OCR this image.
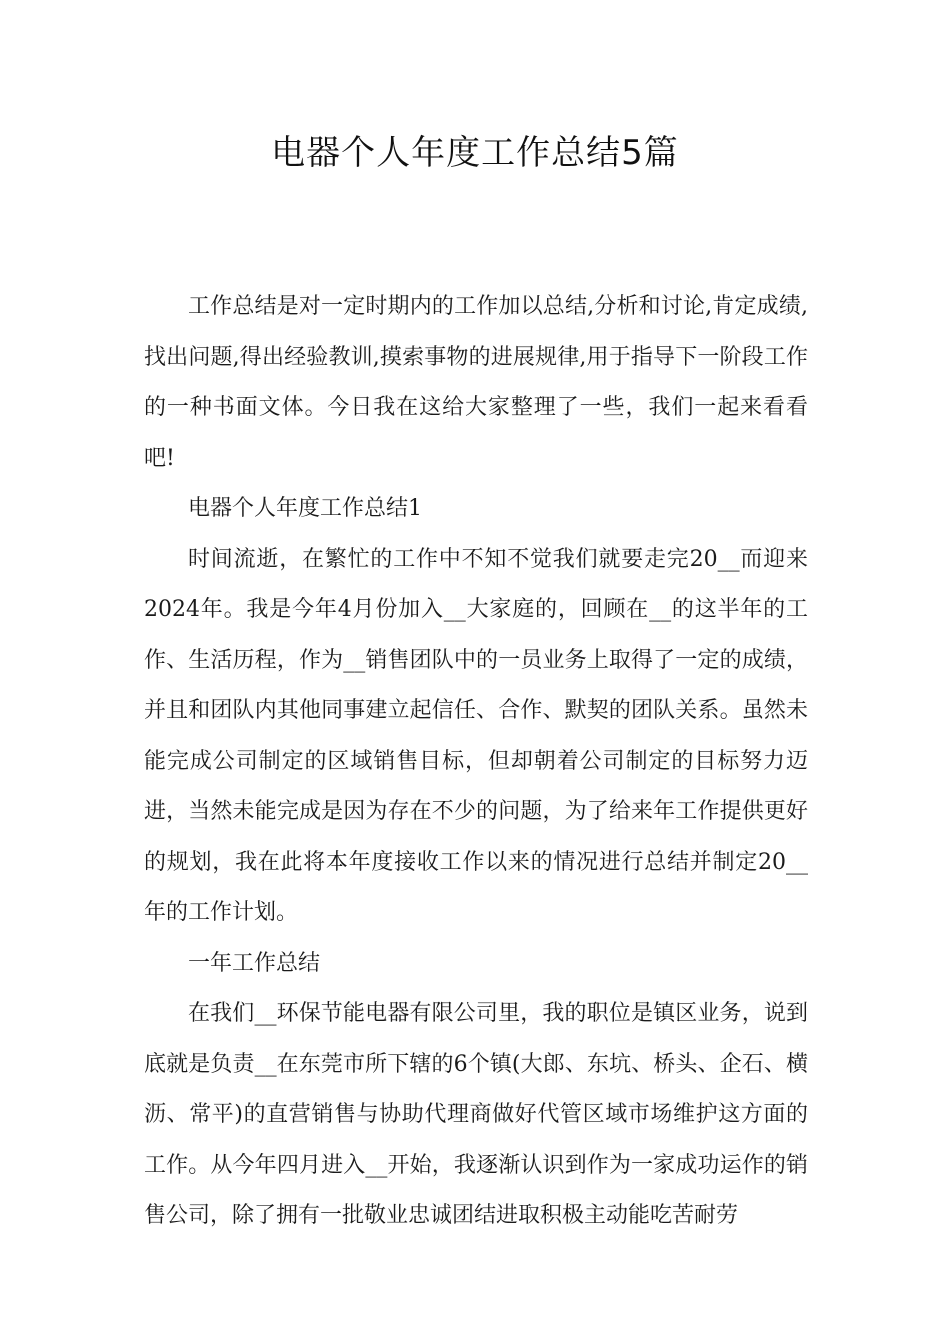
电器个人年度工作总结5篇

工作总结是对一定时期内的工作加以总结,分析和讨论,肯定成绩,找出问题,得出经验教训,摸索事物的进展规律,用于指导下一阶段工作的一种书面文体。今日我在这给大家整理了一些，我们一起来看看吧!

电器个人年度工作总结1

时间流逝，在繁忙的工作中不知不觉我们就要走完20__而迎来2024年。我是今年4月份加入__大家庭的，回顾在__的这半年的工作、生活历程，作为__销售团队中的一员业务上取得了一定的成绩，并且和团队内其他同事建立起信任、合作、默契的团队关系。虽然未能完成公司制定的区域销售目标，但却朝着公司制定的目标努力迈进，当然未能完成是因为存在不少的问题，为了给来年工作提供更好的规划，我在此将本年度接收工作以来的情况进行总结并制定20__年的工作计划。

一年工作总结

在我们__环保节能电器有限公司里，我的职位是镇区业务，说到底就是负责__在东莞市所下辖的6个镇(大郎、东坑、桥头、企石、横沥、常平)的直营销售与协助代理商做好代管区域市场维护这方面的工作。从今年四月进入__开始，我逐渐认识到作为一家成功运作的销售公司，除了拥有一批敬业忠诚团结进取积极主动能吃苦耐劳
